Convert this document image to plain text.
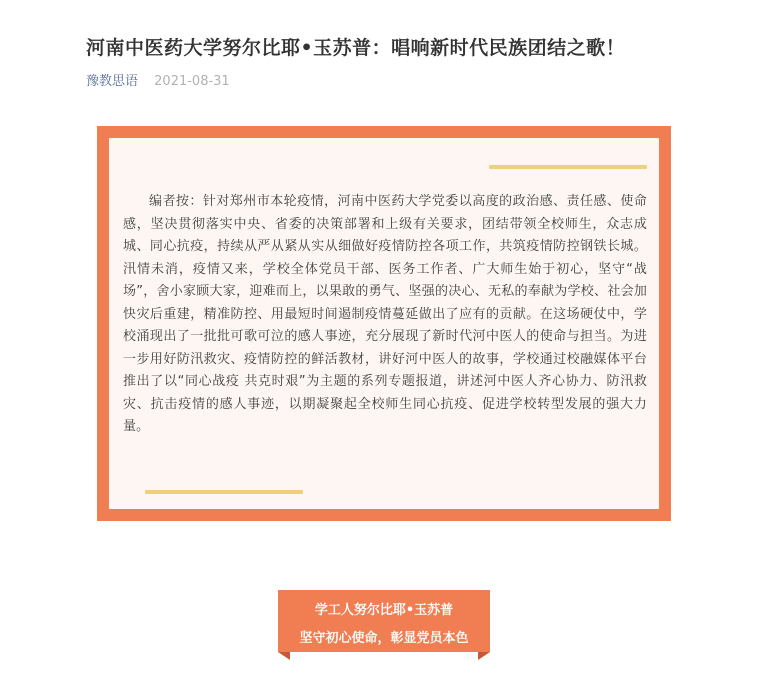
河南中医药大学努尔比耶•玉苏普：唱响新时代民族团结之歌！
豫教思语 2021-08-31

编者按：针对郑州市本轮疫情，河南中医药大学党委以高度的政治感、责任感、使命感，坚决贯彻落实中央、省委的决策部署和上级有关要求，团结带领全校师生，众志成城、同心抗疫，持续从严从紧从实从细做好疫情防控各项工作，共筑疫情防控钢铁长城。汛情未消，疫情又来，学校全体党员干部、医务工作者、广大师生始于初心，坚守“战场”，舍小家顾大家，迎难而上，以果敢的勇气、坚强的决心、无私的奉献为学校、社会加快灾后重建，精准防控、用最短时间遏制疫情蔓延做出了应有的贡献。在这场硬仗中，学校涌现出了一批批可歌可泣的感人事迹，充分展现了新时代河中医人的使命与担当。为进一步用好防汛救灾、疫情防控的鲜活教材，讲好河中医人的故事，学校通过校融媒体平台推出了以“同心战疫 共克时艰”为主题的系列专题报道，讲述河中医人齐心协力、防汛救灾、抗击疫情的感人事迹，以期凝聚起全校师生同心抗疫、促进学校转型发展的强大力量。

学工人努尔比耶•玉苏普
坚守初心使命，彰显党员本色
